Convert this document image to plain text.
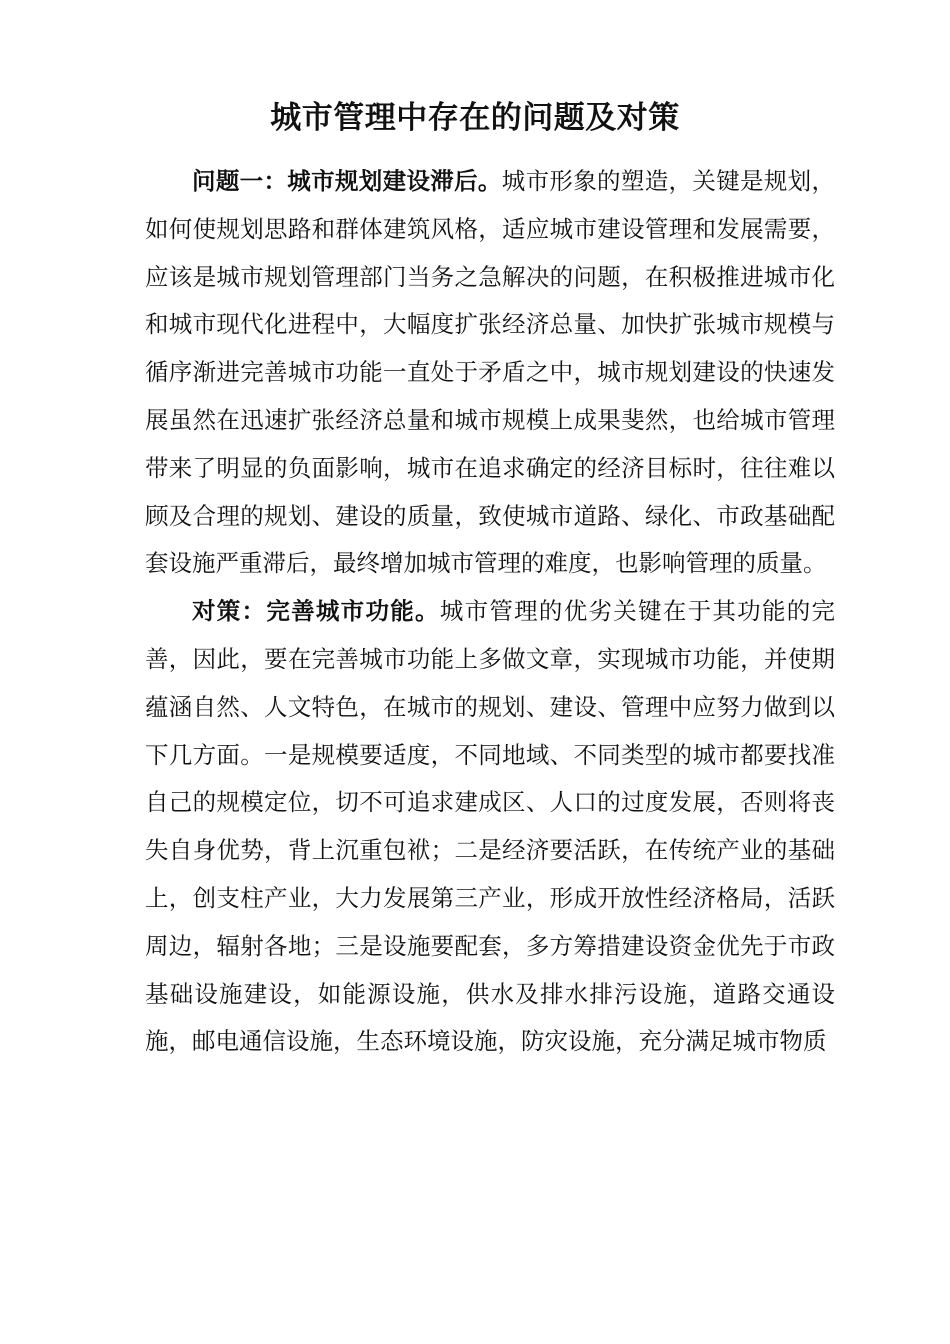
城市管理中存在的问题及对策

问题一：城市规划建设滞后。城市形象的塑造，关键是规划，如何使规划思路和群体建筑风格，适应城市建设管理和发展需要，应该是城市规划管理部门当务之急解决的问题，在积极推进城市化和城市现代化进程中，大幅度扩张经济总量、加快扩张城市规模与循序渐进完善城市功能一直处于矛盾之中，城市规划建设的快速发展虽然在迅速扩张经济总量和城市规模上成果斐然，也给城市管理带来了明显的负面影响，城市在追求确定的经济目标时，往往难以顾及合理的规划、建设的质量，致使城市道路、绿化、市政基础配套设施严重滞后，最终增加城市管理的难度，也影响管理的质量。

对策：完善城市功能。城市管理的优劣关键在于其功能的完善，因此，要在完善城市功能上多做文章，实现城市功能，并使期蕴涵自然、人文特色，在城市的规划、建设、管理中应努力做到以下几方面。一是规模要适度，不同地域、不同类型的城市都要找准自己的规模定位，切不可追求建成区、人口的过度发展，否则将丧失自身优势，背上沉重包袱；二是经济要活跃，在传统产业的基础上，创支柱产业，大力发展第三产业，形成开放性经济格局，活跃周边，辐射各地；三是设施要配套，多方筹措建设资金优先于市政基础设施建设，如能源设施，供水及排水排污设施，道路交通设施，邮电通信设施，生态环境设施，防灾设施，充分满足城市物质
